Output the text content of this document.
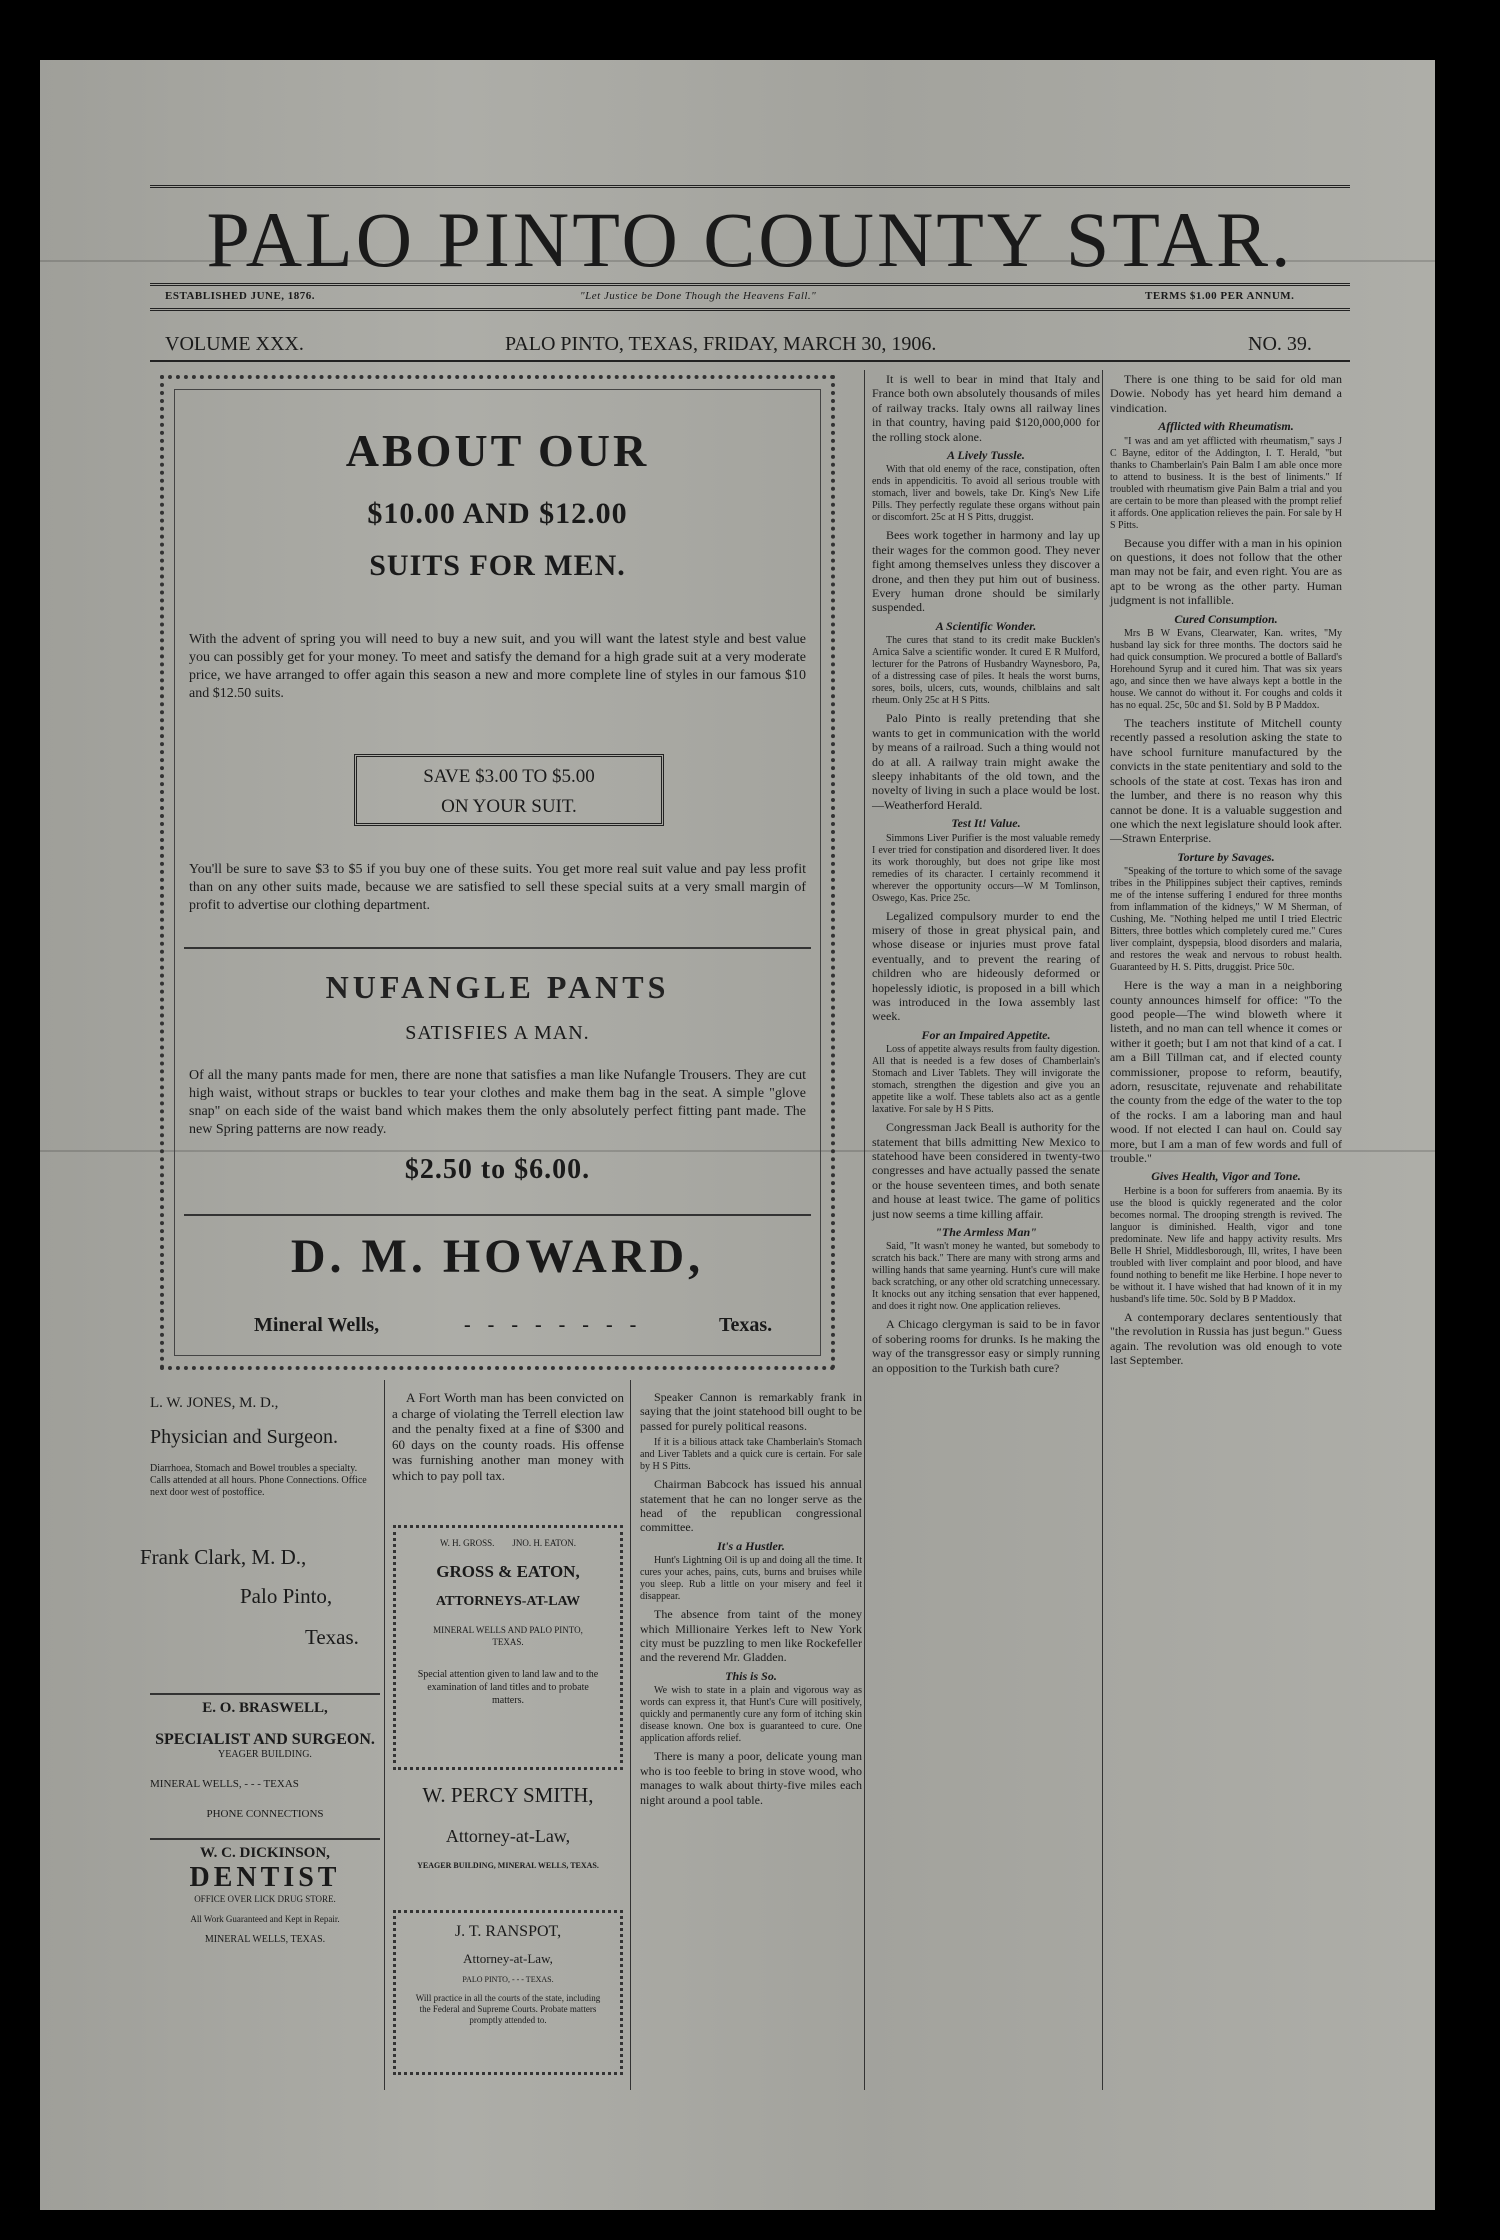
PALO PINTO COUNTY STAR.
ESTABLISHED JUNE, 1876.	"Let Justice be Done Though the Heavens Fall."	TERMS $1.00 PER ANNUM.
VOLUME XXX.	PALO PINTO, TEXAS, FRIDAY, MARCH 30, 1906.	NO. 39.
ABOUT OUR
$10.00 AND $12.00
SUITS FOR MEN.
With the advent of spring you will need to buy a new suit, and you will want the latest style and best value you can possibly get for your money. To meet and satisfy the demand for a high grade suit at a very moderate price, we have arranged to offer again this season a new and more complete line of styles in our famous $10 and $12.50 suits.
SAVE $3.00 TO $5.00
ON YOUR SUIT.
You'll be sure to save $3 to $5 if you buy one of these suits. You get more real suit value and pay less profit than on any other suits made, because we are satisfied to sell these special suits at a very small margin of profit to advertise our clothing department.
NUFANGLE PANTS
SATISFIES A MAN.
Of all the many pants made for men, there are none that satisfies a man like Nufangle Trousers. They are cut high waist, without straps or buckles to tear your clothes and make them bag in the seat. A simple "glove snap" on each side of the waist band which makes them the only absolutely perfect fitting pant made. The new Spring patterns are now ready.
$2.50 to $6.00.
D. M. HOWARD,
Mineral Wells,	- - - - - - - -	Texas.
L. W. JONES, M. D.,
Physician and Surgeon.
Diarrhoea, Stomach and Bowel troubles a specialty. Calls attended at all hours. Phone Connections. Office next door west of postoffice.
Frank Clark, M. D.,
Palo Pinto,
Texas.
E. O. BRASWELL,
SPECIALIST AND SURGEON.
YEAGER BUILDING.
MINERAL WELLS, - - - TEXAS
PHONE CONNECTIONS
W. C. DICKINSON,
DENTIST
OFFICE OVER LICK DRUG STORE.
All Work Guaranteed and Kept in Repair.
MINERAL WELLS, TEXAS.

A Fort Worth man has been convicted on a charge of violating the Terrell election law and the penalty fixed at a fine of $300 and 60 days on the county roads. His offense was furnishing another man money with which to pay poll tax.

W. H. GROSS.        JNO. H. EATON.
GROSS & EATON,
ATTORNEYS-AT-LAW
MINERAL WELLS AND PALO PINTO, TEXAS.
Special attention given to land law and to the examination of land titles and to probate matters.
W. PERCY SMITH,
Attorney-at-Law,
YEAGER BUILDING, MINERAL WELLS, TEXAS.
J. T. RANSPOT,
Attorney-at-Law,
PALO PINTO, - - - TEXAS.
Will practice in all the courts of the state, including the Federal and Supreme Courts. Probate matters promptly attended to.

Speaker Cannon is remarkably frank in saying that the joint statehood bill ought to be passed for purely political reasons.

If it is a bilious attack take Chamberlain's Stomach and Liver Tablets and a quick cure is certain. For sale by H S Pitts.

Chairman Babcock has issued his annual statement that he can no longer serve as the head of the republican congressional committee.

It's a Hustler.

Hunt's Lightning Oil is up and doing all the time. It cures your aches, pains, cuts, burns and bruises while you sleep. Rub a little on your misery and feel it disappear.

The absence from taint of the money which Millionaire Yerkes left to New York city must be puzzling to men like Rockefeller and the reverend Mr. Gladden.

This is So.

We wish to state in a plain and vigorous way as words can express it, that Hunt's Cure will positively, quickly and permanently cure any form of itching skin disease known. One box is guaranteed to cure. One application affords relief.

There is many a poor, delicate young man who is too feeble to bring in stove wood, who manages to walk about thirty-five miles each night around a pool table.

It is well to bear in mind that Italy and France both own absolutely thousands of miles of railway tracks. Italy owns all railway lines in that country, having paid $120,000,000 for the rolling stock alone.

A Lively Tussle.

With that old enemy of the race, constipation, often ends in appendicitis. To avoid all serious trouble with stomach, liver and bowels, take Dr. King's New Life Pills. They perfectly regulate these organs without pain or discomfort. 25c at H S Pitts, druggist.

Bees work together in harmony and lay up their wages for the common good. They never fight among themselves unless they discover a drone, and then they put him out of business. Every human drone should be similarly suspended.

A Scientific Wonder.

The cures that stand to its credit make Bucklen's Arnica Salve a scientific wonder. It cured E R Mulford, lecturer for the Patrons of Husbandry Waynesboro, Pa, of a distressing case of piles. It heals the worst burns, sores, boils, ulcers, cuts, wounds, chilblains and salt rheum. Only 25c at H S Pitts.

Palo Pinto is really pretending that she wants to get in communication with the world by means of a railroad. Such a thing would not do at all. A railway train might awake the sleepy inhabitants of the old town, and the novelty of living in such a place would be lost.—Weatherford Herald.

Test It! Value.

Simmons Liver Purifier is the most valuable remedy I ever tried for constipation and disordered liver. It does its work thoroughly, but does not gripe like most remedies of its character. I certainly recommend it wherever the opportunity occurs—W M Tomlinson, Oswego, Kas. Price 25c.

Legalized compulsory murder to end the misery of those in great physical pain, and whose disease or injuries must prove fatal eventually, and to prevent the rearing of children who are hideously deformed or hopelessly idiotic, is proposed in a bill which was introduced in the Iowa assembly last week.

For an Impaired Appetite.

Loss of appetite always results from faulty digestion. All that is needed is a few doses of Chamberlain's Stomach and Liver Tablets. They will invigorate the stomach, strengthen the digestion and give you an appetite like a wolf. These tablets also act as a gentle laxative. For sale by H S Pitts.

Congressman Jack Beall is authority for the statement that bills admitting New Mexico to statehood have been considered in twenty-two congresses and have actually passed the senate or the house seventeen times, and both senate and house at least twice. The game of politics just now seems a time killing affair.

"The Armless Man"

Said, "It wasn't money he wanted, but somebody to scratch his back." There are many with strong arms and willing hands that same yearning. Hunt's cure will make back scratching, or any other old scratching unnecessary. It knocks out any itching sensation that ever happened, and does it right now. One application relieves.

A Chicago clergyman is said to be in favor of sobering rooms for drunks. Is he making the way of the transgressor easy or simply running an opposition to the Turkish bath cure?

There is one thing to be said for old man Dowie. Nobody has yet heard him demand a vindication.

Afflicted with Rheumatism.

"I was and am yet afflicted with rheumatism," says J C Bayne, editor of the Addington, I. T. Herald, "but thanks to Chamberlain's Pain Balm I am able once more to attend to business. It is the best of liniments." If troubled with rheumatism give Pain Balm a trial and you are certain to be more than pleased with the prompt relief it affords. One application relieves the pain. For sale by H S Pitts.

Because you differ with a man in his opinion on questions, it does not follow that the other man may not be fair, and even right. You are as apt to be wrong as the other party. Human judgment is not infallible.

Cured Consumption.

Mrs B W Evans, Clearwater, Kan. writes, "My husband lay sick for three months. The doctors said he had quick consumption. We procured a bottle of Ballard's Horehound Syrup and it cured him. That was six years ago, and since then we have always kept a bottle in the house. We cannot do without it. For coughs and colds it has no equal. 25c, 50c and $1. Sold by B P Maddox.

The teachers institute of Mitchell county recently passed a resolution asking the state to have school furniture manufactured by the convicts in the state penitentiary and sold to the schools of the state at cost. Texas has iron and the lumber, and there is no reason why this cannot be done. It is a valuable suggestion and one which the next legislature should look after.—Strawn Enterprise.

Torture by Savages.

"Speaking of the torture to which some of the savage tribes in the Philippines subject their captives, reminds me of the intense suffering I endured for three months from inflammation of the kidneys," W M Sherman, of Cushing, Me. "Nothing helped me until I tried Electric Bitters, three bottles which completely cured me." Cures liver complaint, dyspepsia, blood disorders and malaria, and restores the weak and nervous to robust health. Guaranteed by H. S. Pitts, druggist. Price 50c.

Here is the way a man in a neighboring county announces himself for office: "To the good people—The wind bloweth where it listeth, and no man can tell whence it comes or wither it goeth; but I am not that kind of a cat. I am a Bill Tillman cat, and if elected county commissioner, propose to reform, beautify, adorn, resuscitate, rejuvenate and rehabilitate the county from the edge of the water to the top of the rocks. I am a laboring man and haul wood. If not elected I can haul on. Could say more, but I am a man of few words and full of trouble."

Gives Health, Vigor and Tone.

Herbine is a boon for sufferers from anaemia. By its use the blood is quickly regenerated and the color becomes normal. The drooping strength is revived. The languor is diminished. Health, vigor and tone predominate. New life and happy activity results. Mrs Belle H Shriel, Middlesborough, Ill, writes, I have been troubled with liver complaint and poor blood, and have found nothing to benefit me like Herbine. I hope never to be without it. I have wished that had known of it in my husband's life time. 50c. Sold by B P Maddox.

A contemporary declares sententiously that "the revolution in Russia has just begun." Guess again. The revolution was old enough to vote last September.
